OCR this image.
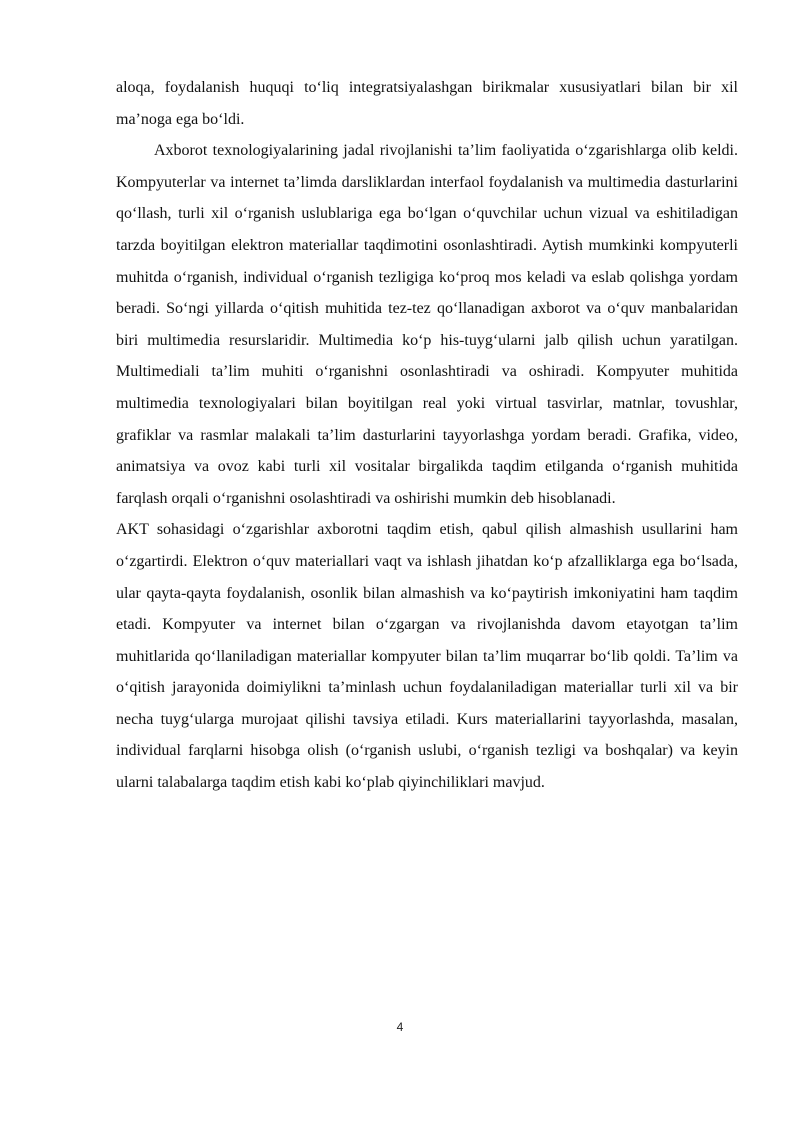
aloqa, foydalanish huquqi to‘liq integratsiyalashgan birikmalar xususiyatlari bilan bir xil ma’noga ega bo‘ldi.

Axborot texnologiyalarining jadal rivojlanishi ta’lim faoliyatida o‘zgarishlarga olib keldi. Kompyuterlar va internet ta’limda darsliklardan interfaol foydalanish va multimedia dasturlarini qo‘llash, turli xil o‘rganish uslublariga ega bo‘lgan o‘quvchilar uchun vizual va eshitiladigan tarzda boyitilgan elektron materiallar taqdimotini osonlashtiradi. Aytish mumkinki kompyuterli muhitda o‘rganish, individual o‘rganish tezligiga ko‘proq mos keladi va eslab qolishga yordam beradi. So‘ngi yillarda o‘qitish muhitida tez-tez qo‘llanadigan axborot va o‘quv manbalaridan biri multimedia resurslaridir. Multimedia ko‘p his-tuyg‘ularni jalb qilish uchun yaratilgan. Multimediali ta’lim muhiti o‘rganishni osonlashtiradi va oshiradi. Kompyuter muhitida multimedia texnologiyalari bilan boyitilgan real yoki virtual tasvirlar, matnlar, tovushlar, grafiklar va rasmlar malakali ta’lim dasturlarini tayyorlashga yordam beradi. Grafika, video, animatsiya va ovoz kabi turli xil vositalar birgalikda taqdim etilganda o‘rganish muhitida farqlash orqali o‘rganishni osolashtiradi va oshirishi mumkin deb hisoblanadi.

AKT sohasidagi o‘zgarishlar axborotni taqdim etish, qabul qilish almashish usullarini ham o‘zgartirdi. Elektron o‘quv materiallari vaqt va ishlash jihatdan ko‘p afzalliklarga ega bo‘lsada, ular qayta-qayta foydalanish, osonlik bilan almashish va ko‘paytirish imkoniyatini ham taqdim etadi. Kompyuter va internet bilan o‘zgargan va rivojlanishda davom etayotgan ta’lim muhitlarida qo‘llaniladigan materiallar kompyuter bilan ta’lim muqarrar bo‘lib qoldi. Ta’lim va o‘qitish jarayonida doimiylikni ta’minlash uchun foydalaniladigan materiallar turli xil va bir necha tuyg‘ularga murojaat qilishi tavsiya etiladi. Kurs materiallarini tayyorlashda, masalan, individual farqlarni hisobga olish (o‘rganish uslubi, o‘rganish tezligi va boshqalar) va keyin ularni talabalarga taqdim etish kabi ko‘plab qiyinchiliklari mavjud.

4
